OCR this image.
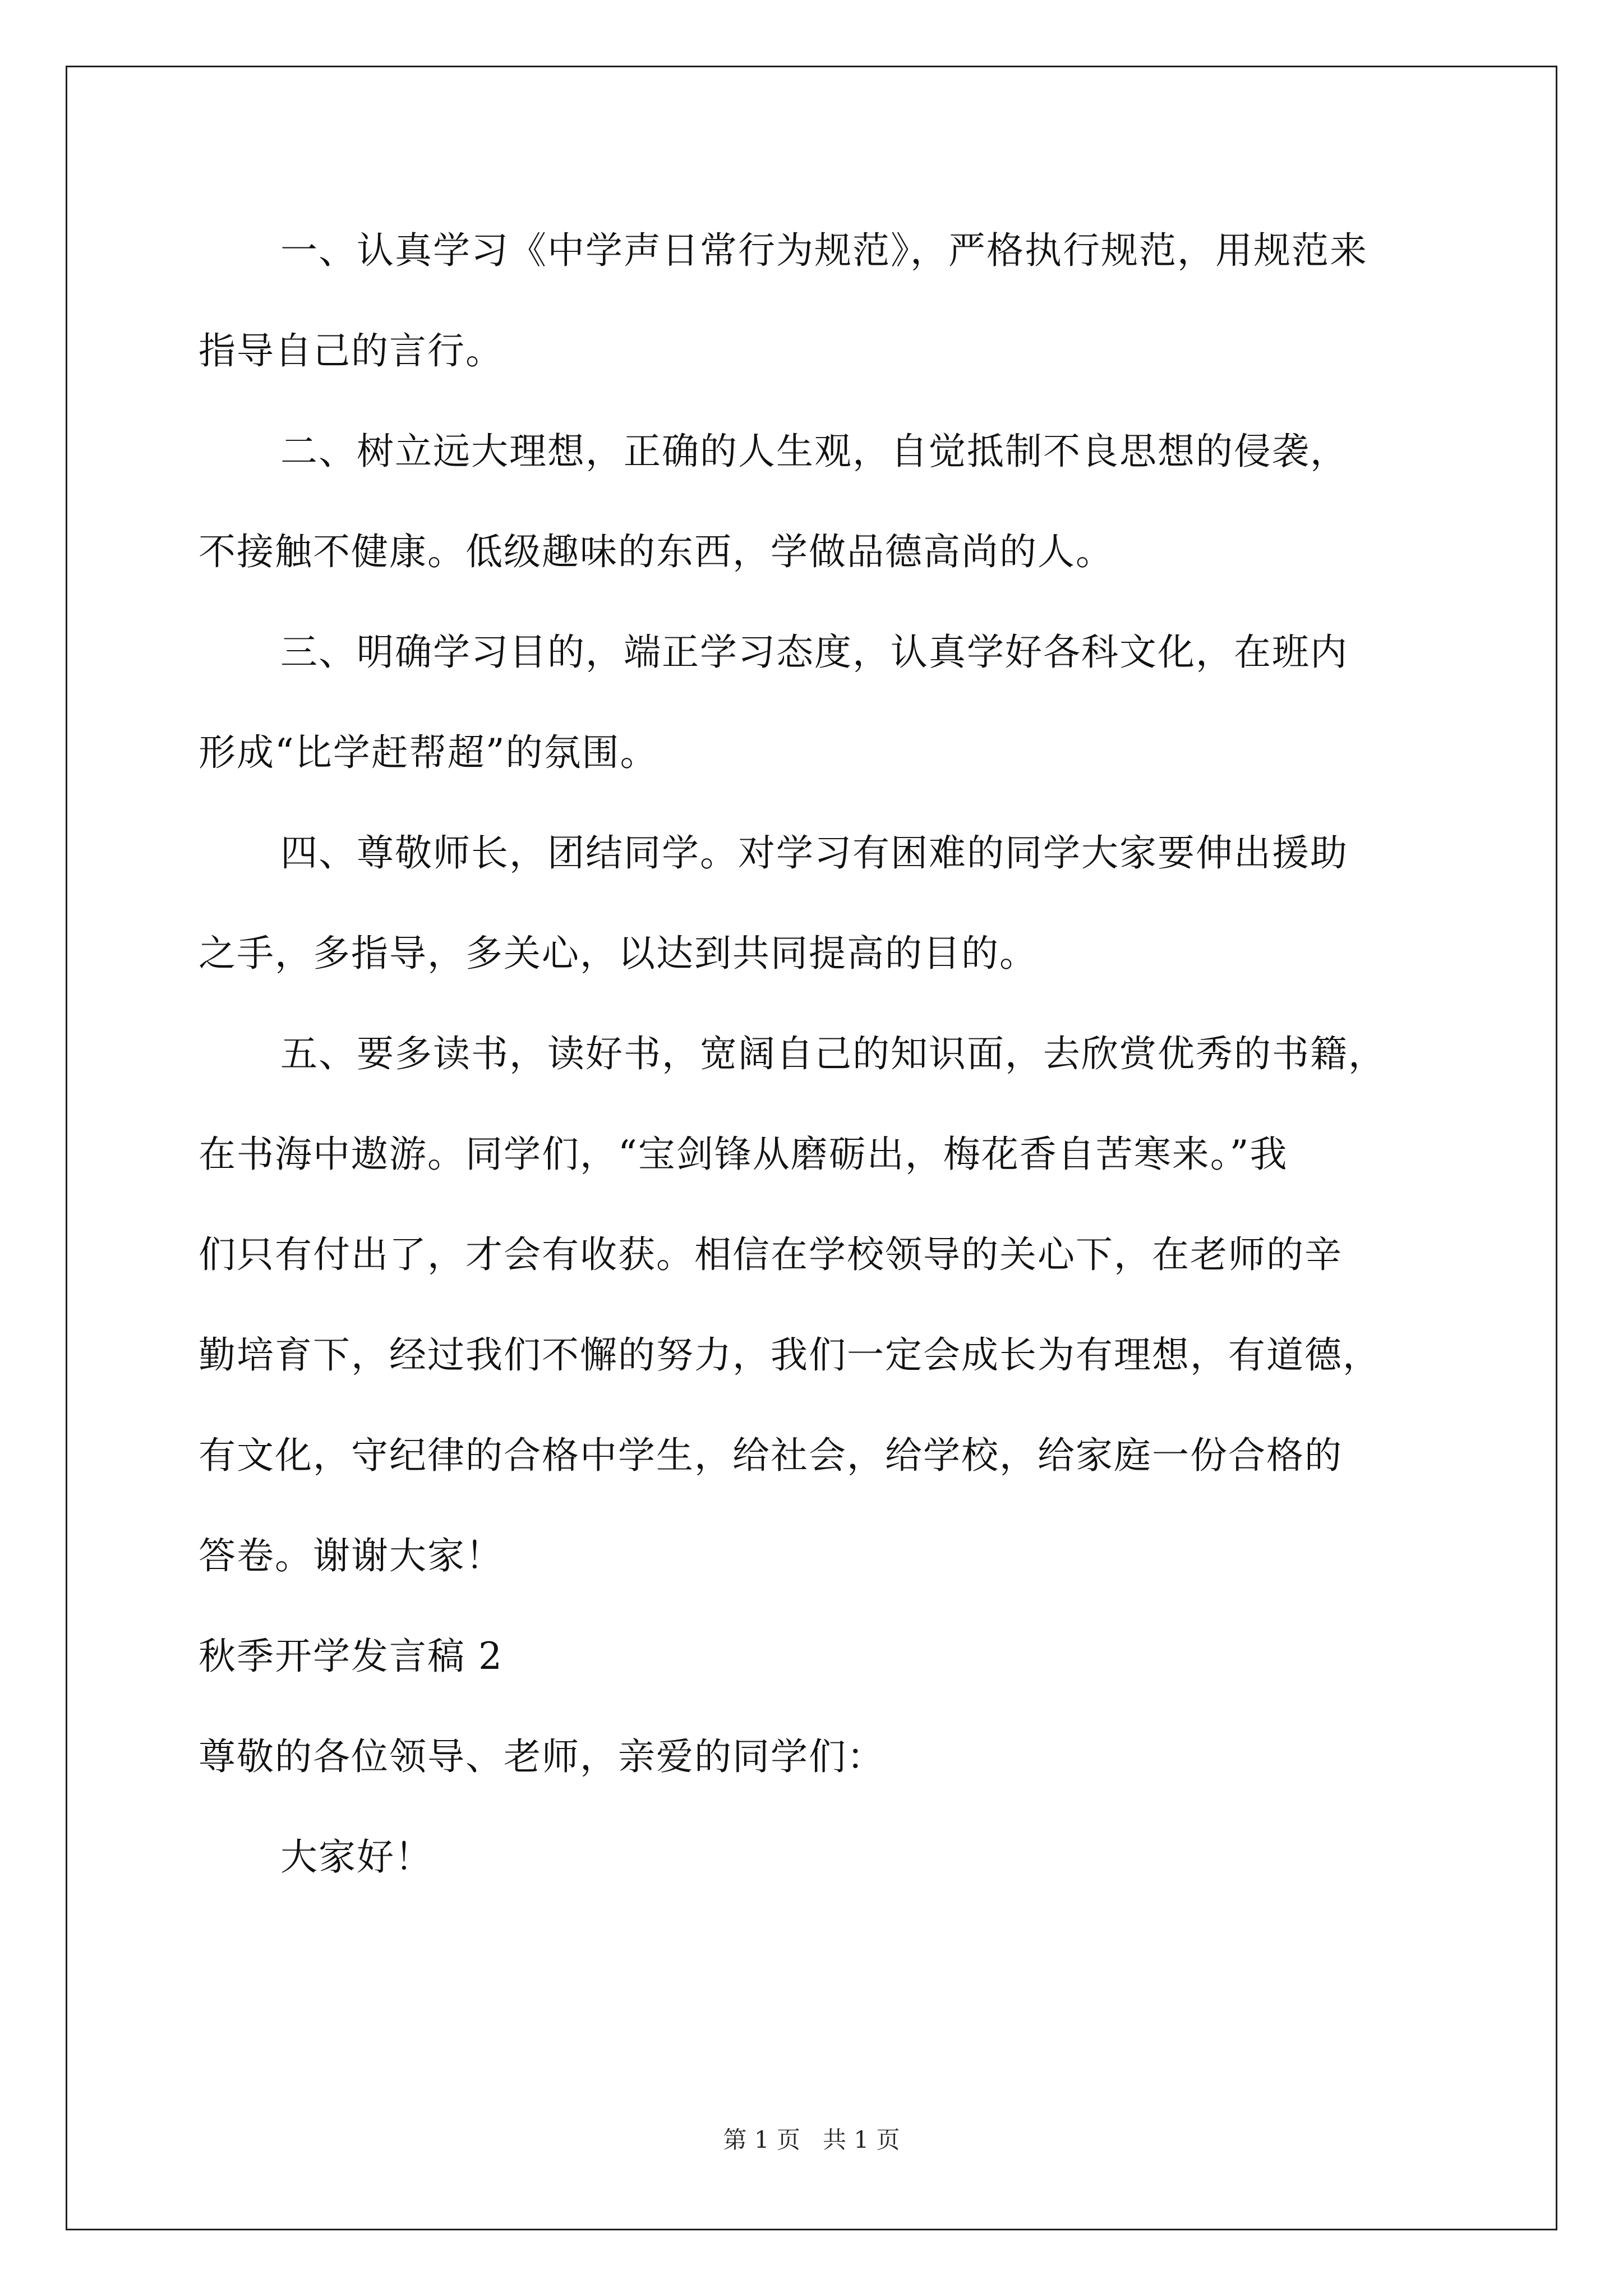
一、认真学习《中学声日常行为规范》，严格执行规范，用规范来
指导自己的言行。
二、树立远大理想，正确的人生观，自觉抵制不良思想的侵袭，
不接触不健康。低级趣味的东西，学做品德高尚的人。
三、明确学习目的，端正学习态度，认真学好各科文化，在班内
形成“比学赶帮超”的氛围。
四、尊敬师长，团结同学。对学习有困难的同学大家要伸出援助
之手，多指导，多关心，以达到共同提高的目的。
五、要多读书，读好书，宽阔自己的知识面，去欣赏优秀的书籍，
在书海中遨游。同学们，“宝剑锋从磨砺出，梅花香自苦寒来。”我
们只有付出了，才会有收获。相信在学校领导的关心下，在老师的辛
勤培育下，经过我们不懈的努力，我们一定会成长为有理想，有道德，
有文化，守纪律的合格中学生，给社会，给学校，给家庭一份合格的
答卷。谢谢大家！
秋季开学发言稿 2
尊敬的各位领导、老师，亲爱的同学们：
大家好！
第 1 页   共 1 页
